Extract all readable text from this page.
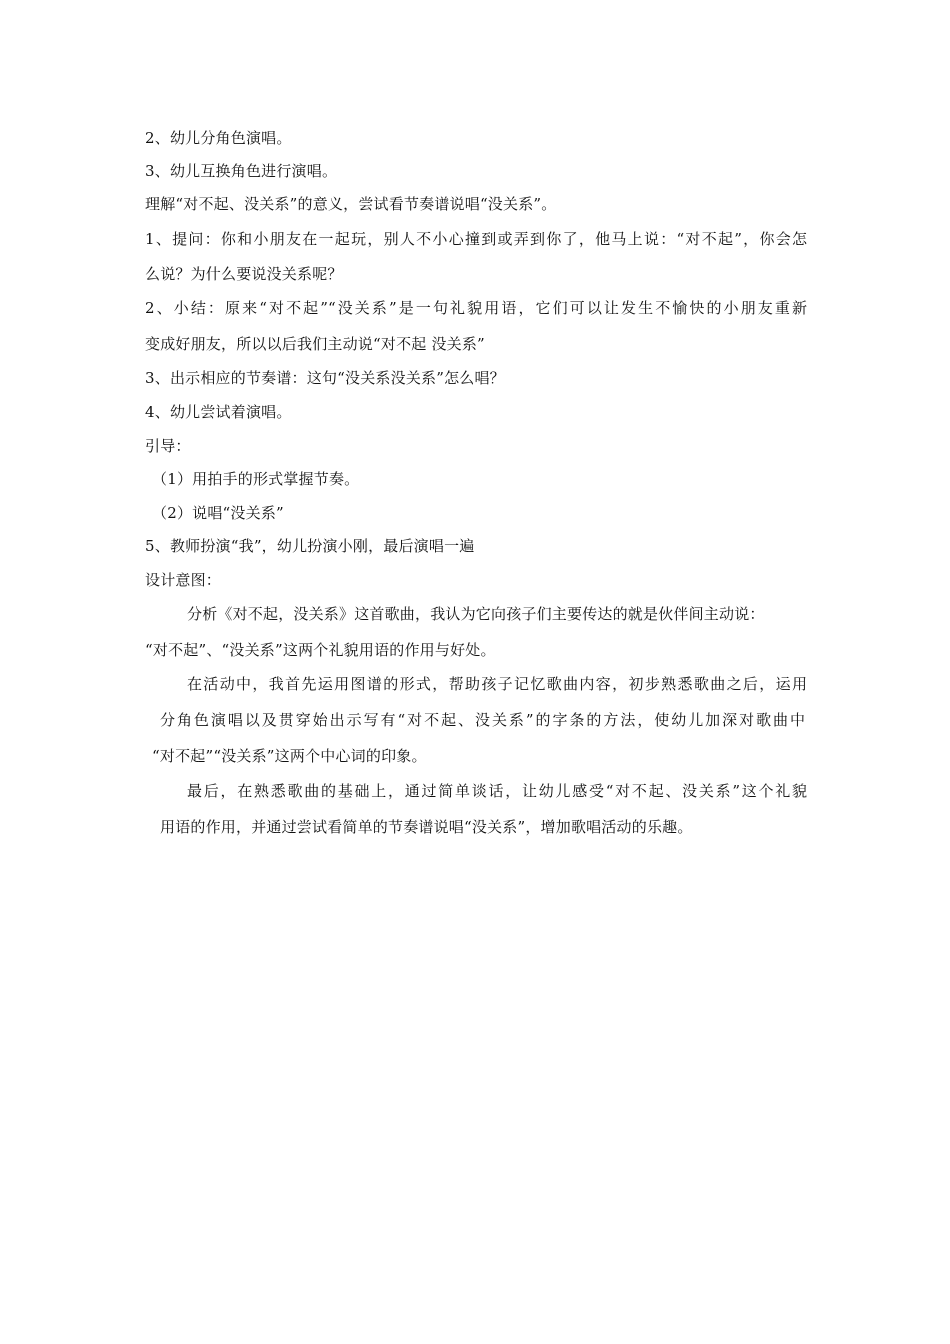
2、幼儿分角色演唱。
3、幼儿互换角色进行演唱。
理解“对不起、没关系”的意义，尝试看节奏谱说唱“没关系”。
1、提问：你和小朋友在一起玩，别人不小心撞到或弄到你了，他马上说：“对不起”，你会怎
么说？为什么要说没关系呢？
2、小结：原来“对不起”“没关系”是一句礼貌用语，它们可以让发生不愉快的小朋友重新
变成好朋友，所以以后我们主动说“对不起 没关系”
3、出示相应的节奏谱：这句“没关系没关系”怎么唱？
4、幼儿尝试着演唱。
引导：
（1）用拍手的形式掌握节奏。
（2）说唱“没关系”
5、教师扮演“我”，幼儿扮演小刚，最后演唱一遍
设计意图：
分析《对不起，没关系》这首歌曲，我认为它向孩子们主要传达的就是伙伴间主动说：
“对不起”、“没关系”这两个礼貌用语的作用与好处。
在活动中，我首先运用图谱的形式，帮助孩子记忆歌曲内容，初步熟悉歌曲之后，运用
分角色演唱以及贯穿始出示写有“对不起、没关系”的字条的方法，使幼儿加深对歌曲中
“对不起”“没关系”这两个中心词的印象。
最后，在熟悉歌曲的基础上，通过简单谈话，让幼儿感受“对不起、没关系”这个礼貌
用语的作用，并通过尝试看简单的节奏谱说唱“没关系”，增加歌唱活动的乐趣。
